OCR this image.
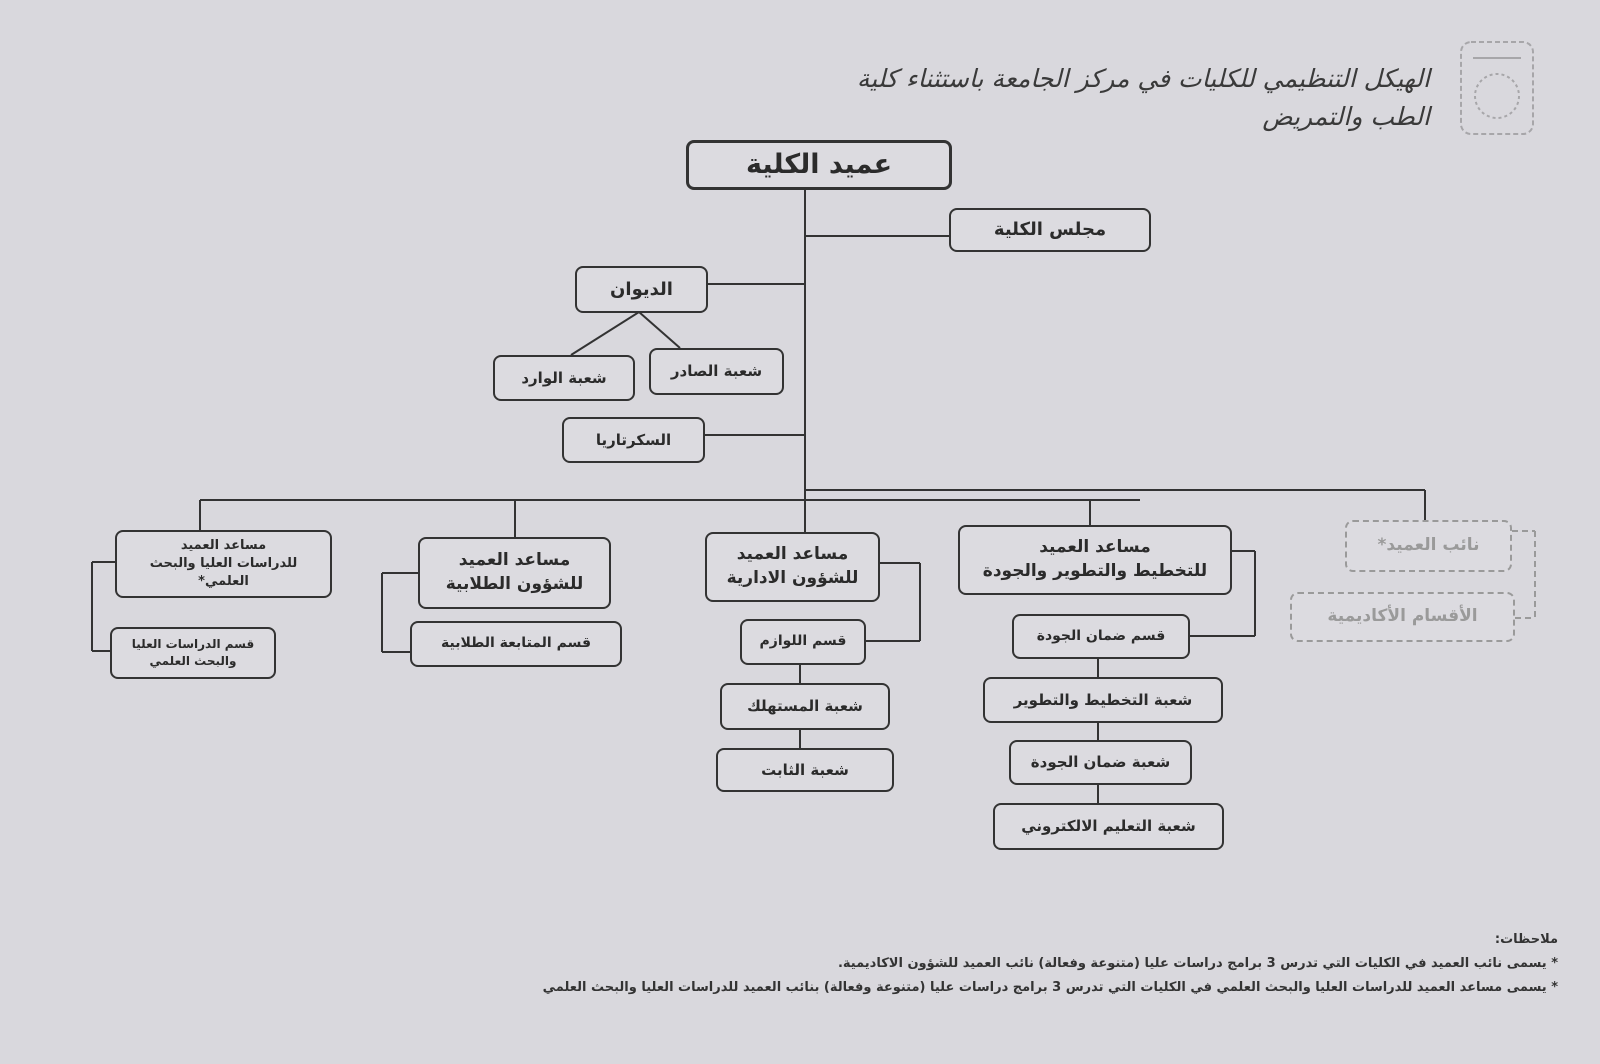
الهيكل التنظيمي للكليات في مركز الجامعة باستثناء كلية الطب والتمريض
عميد الكلية
مجلس الكلية
الديوان
شعبة الوارد	شعبة الصادر
السكرتاريا
نائب العميد*
الأقسام الأكاديمية
مساعد العميد
للتخطيط والتطوير والجودة
قسم ضمان الجودة
شعبة التخطيط والتطوير
شعبة ضمان الجودة
شعبة التعليم الالكتروني
مساعد العميد
للشؤون الادارية
قسم اللوازم
شعبة المستهلك
شعبة الثابت
مساعد العميد
للشؤون الطلابية
قسم المتابعة الطلابية
مساعد العميد
للدراسات العليا والبحث العلمي*
قسم الدراسات العليا
والبحث العلمي
ملاحظات:
* يسمى نائب العميد في الكليات التي تدرس 3 برامج دراسات عليا (متنوعة وفعالة) نائب العميد للشؤون الاكاديمية.
* يسمى مساعد العميد للدراسات العليا والبحث العلمي في الكليات التي تدرس 3 برامج دراسات عليا (متنوعة وفعالة) بنائب العميد للدراسات العليا والبحث العلمي
